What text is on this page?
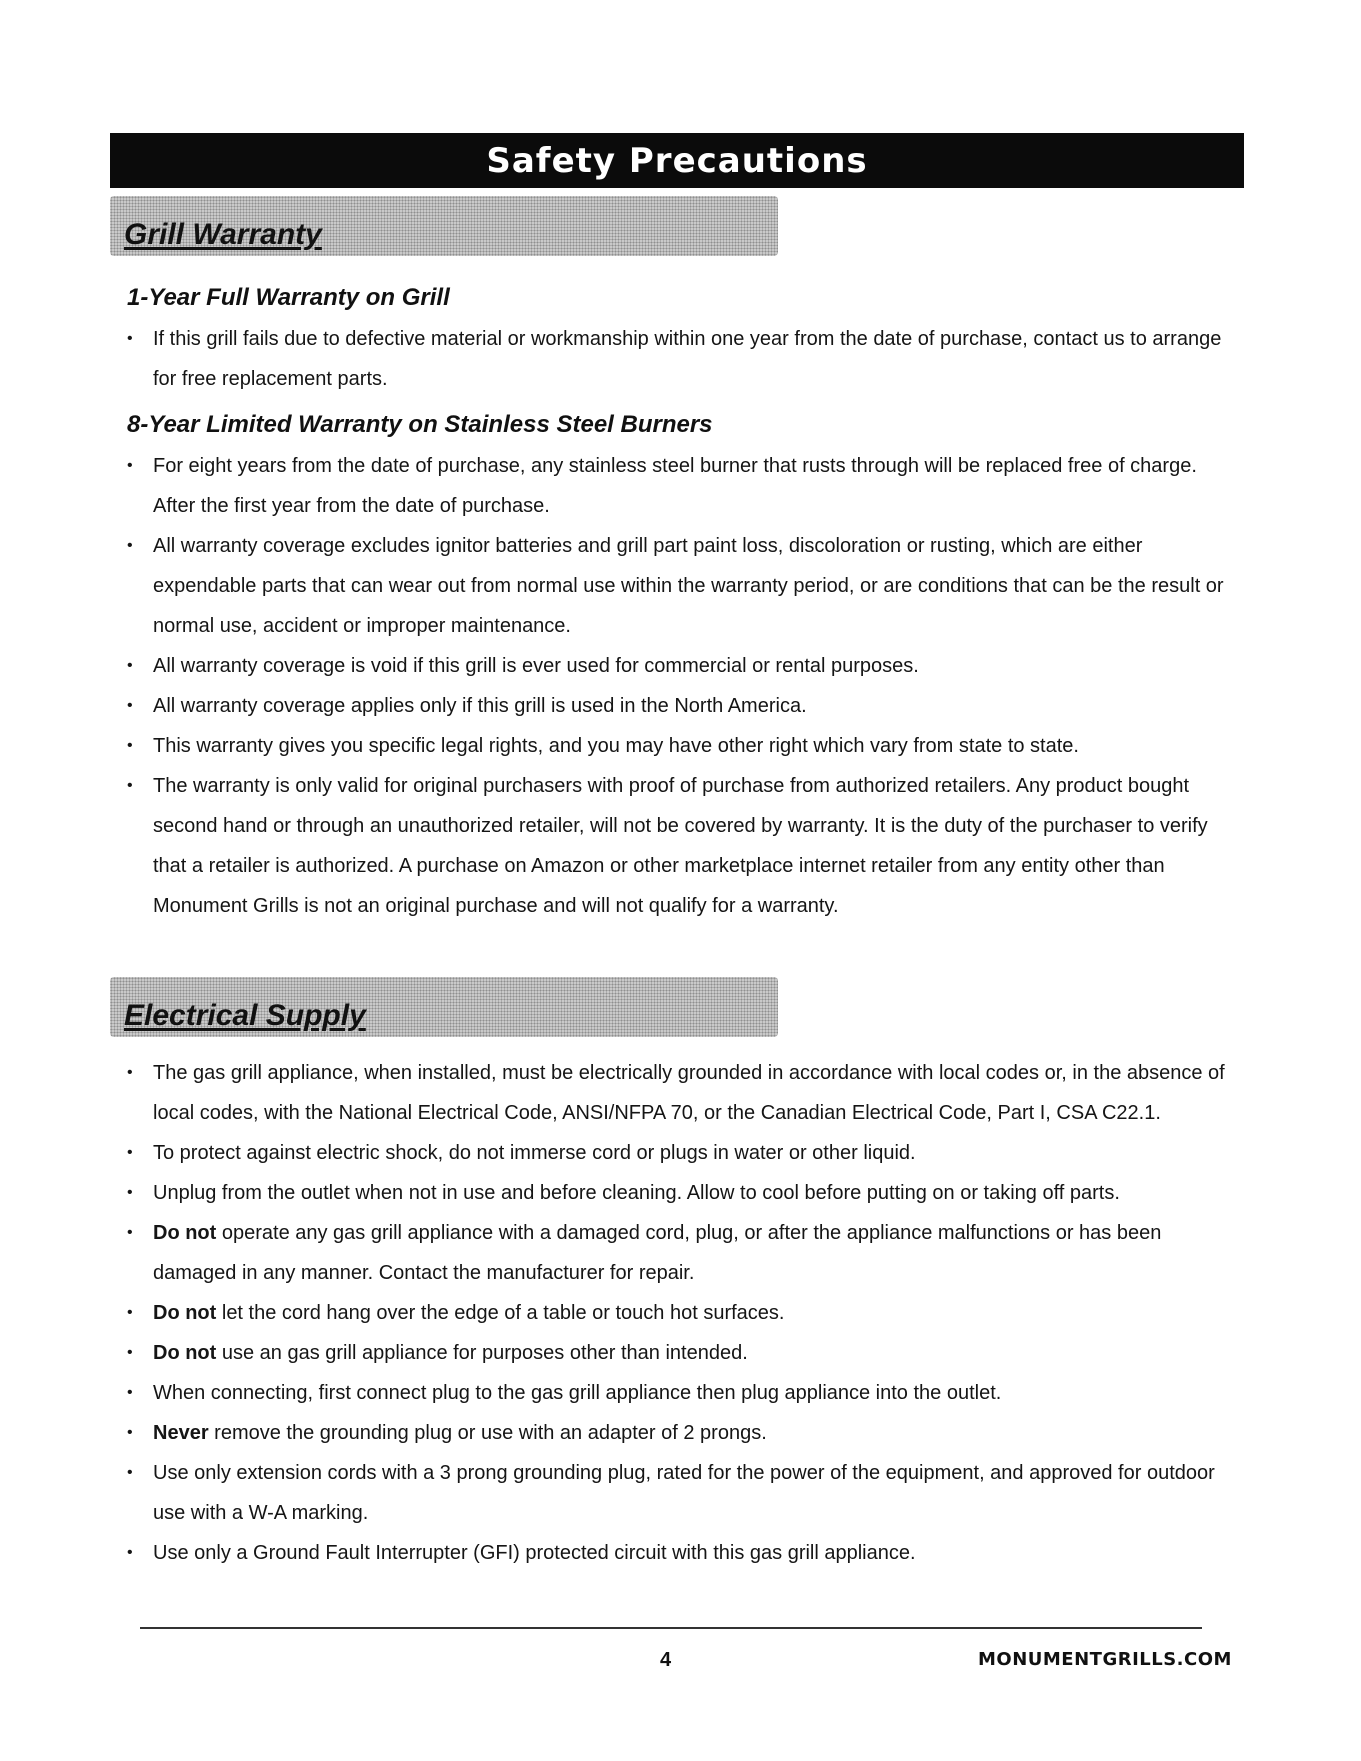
Safety Precautions
Grill Warranty
1-Year Full Warranty on Grill
• If this grill fails due to defective material or workmanship within one year from the date of purchase, contact us to arrange for free replacement parts.
8-Year Limited Warranty on Stainless Steel Burners
• For eight years from the date of purchase, any stainless steel burner that rusts through will be replaced free of charge. After the first year from the date of purchase.
• All warranty coverage excludes ignitor batteries and grill part paint loss, discoloration or rusting, which are either expendable parts that can wear out from normal use within the warranty period, or are conditions that can be the result or normal use, accident or improper maintenance.
• All warranty coverage is void if this grill is ever used for commercial or rental purposes.
• All warranty coverage applies only if this grill is used in the North America.
• This warranty gives you specific legal rights, and you may have other right which vary from state to state.
• The warranty is only valid for original purchasers with proof of purchase from authorized retailers. Any product bought second hand or through an unauthorized retailer, will not be covered by warranty. It is the duty of the purchaser to verify that a retailer is authorized. A purchase on Amazon or other marketplace internet retailer from any entity other than Monument Grills is not an original purchase and will not qualify for a warranty.
Electrical Supply
• The gas grill appliance, when installed, must be electrically grounded in accordance with local codes or, in the absence of local codes, with the National Electrical Code, ANSI/NFPA 70, or the Canadian Electrical Code, Part I, CSA C22.1.
• To protect against electric shock, do not immerse cord or plugs in water or other liquid.
• Unplug from the outlet when not in use and before cleaning. Allow to cool before putting on or taking off parts.
• Do not operate any gas grill appliance with a damaged cord, plug, or after the appliance malfunctions or has been damaged in any manner. Contact the manufacturer for repair.
• Do not let the cord hang over the edge of a table or touch hot surfaces.
• Do not use an gas grill appliance for purposes other than intended.
• When connecting, first connect plug to the gas grill appliance then plug appliance into the outlet.
• Never remove the grounding plug or use with an adapter of 2 prongs.
• Use only extension cords with a 3 prong grounding plug, rated for the power of the equipment, and approved for outdoor use with a W-A marking.
• Use only a Ground Fault Interrupter (GFI) protected circuit with this gas grill appliance.
4	MONUMENTGRILLS.COM
